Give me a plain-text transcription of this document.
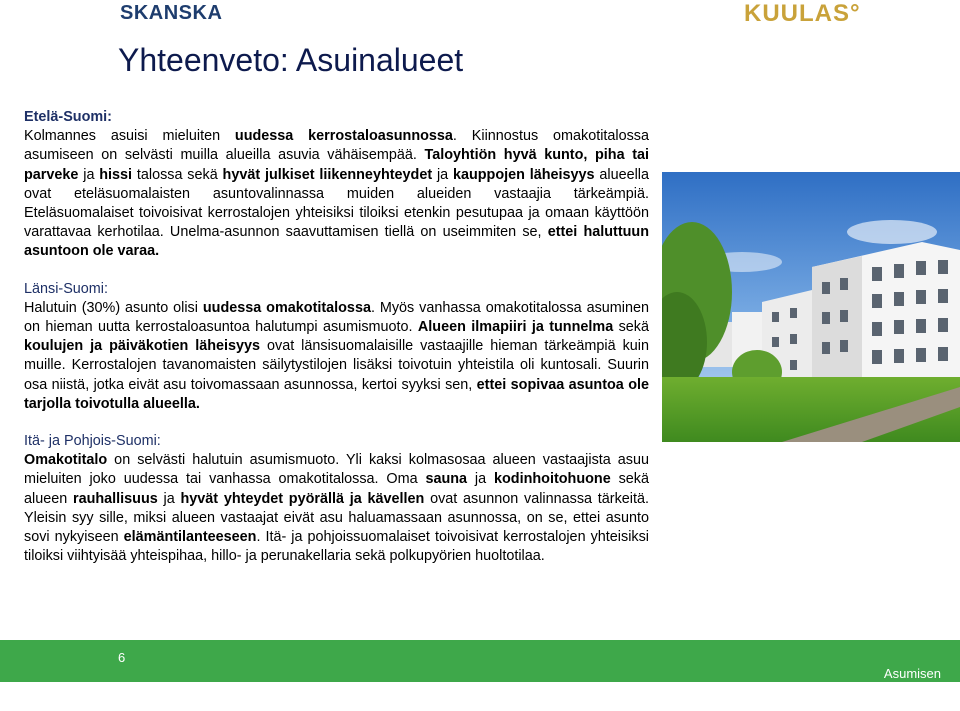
SKANSKA	KUULAS°
Yhteenveto: Asuinalueet
Etelä-Suomi:

Kolmannes asuisi mieluiten uudessa kerrostaloasunnossa. Kiinnostus omakotitalossa asumiseen on selvästi muilla alueilla asuvia vähäisempää. Taloyhtiön hyvä kunto, piha tai parveke ja hissi talossa sekä hyvät julkiset liikenneyhteydet ja kauppojen läheisyys alueella ovat eteläsuomalaisten asuntovalinnassa muiden alueiden vastaajia tärkeämpiä. Eteläsuomalaiset toivoisivat kerrostalojen yhteisiksi tiloiksi etenkin pesutupaa ja omaan käyttöön varattavaa kerhotilaa. Unelma-asunnon saavuttamisen tiellä on useimmiten se, ettei haluttuun asuntoon ole varaa.

Länsi-Suomi:

Halutuin (30%) asunto olisi uudessa omakotitalossa. Myös vanhassa omakotitalossa asuminen on hieman uutta kerrostaloasuntoa halutumpi asumismuoto. Alueen ilmapiiri ja tunnelma sekä koulujen ja päiväkotien läheisyys ovat länsisuomalaisille vastaajille hieman tärkeämpiä kuin muille. Kerrostalojen tavanomaisten säilytystilojen lisäksi toivotuin yhteistila oli kuntosali. Suurin osa niistä, jotka eivät asu toivomassaan asunnossa, kertoi syyksi sen, ettei sopivaa asuntoa ole tarjolla toivotulla alueella.

Itä- ja Pohjois-Suomi:

Omakotitalo on selvästi halutuin asumismuoto. Yli kaksi kolmasosaa alueen vastaajista asuu mieluiten joko uudessa tai vanhassa omakotitalossa. Oma sauna ja kodinhoitohuone sekä alueen rauhallisuus ja hyvät yhteydet pyörällä ja kävellen ovat asunnon valinnassa tärkeitä. Yleisin syy sille, miksi alueen vastaajat eivät asu haluamassaan asunnossa, on se, ettei asunto sovi nykyiseen elämäntilanteeseen. Itä- ja pohjoissuomalaiset toivoisivat kerrostalojen yhteisiksi tiloiksi viihtyisää yhteispihaa, hillo- ja perunakellaria sekä polkupyörien huoltotilaa.

6
Asumisen toiveet 2014
